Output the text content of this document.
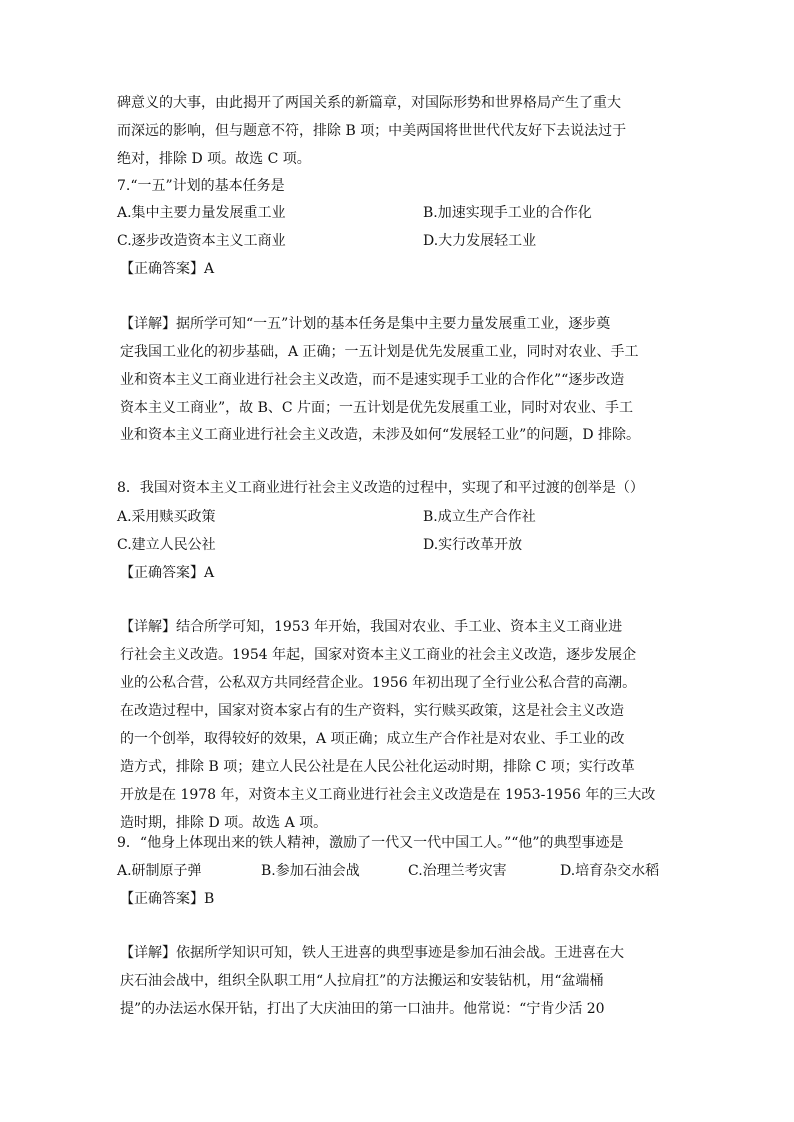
碑意义的大事，由此揭开了两国关系的新篇章，对国际形势和世界格局产生了重大
而深远的影响，但与题意不符，排除 B 项；中美两国将世世代代友好下去说法过于
绝对，排除 D 项。故选 C 项。
7.“一五”计划的基本任务是
A.集中主要力量发展重工业	B.加速实现手工业的合作化
C.逐步改造资本主义工商业	D.大力发展轻工业
【正确答案】A
【详解】据所学可知“一五”计划的基本任务是集中主要力量发展重工业，逐步奠
定我国工业化的初步基础，A 正确；一五计划是优先发展重工业，同时对农业、手工
业和资本主义工商业进行社会主义改造，而不是速实现手工业的合作化”“逐步改造
资本主义工商业”，故 B、C 片面；一五计划是优先发展重工业，同时对农业、手工
业和资本主义工商业进行社会主义改造，未涉及如何“发展轻工业”的问题，D 排除。
8．我国对资本主义工商业进行社会主义改造的过程中，实现了和平过渡的创举是（）
A.采用赎买政策	B.成立生产合作社
C.建立人民公社	D.实行改革开放
【正确答案】A
【详解】结合所学可知，1953 年开始，我国对农业、手工业、资本主义工商业进
行社会主义改造。1954 年起，国家对资本主义工商业的社会主义改造，逐步发展企
业的公私合营，公私双方共同经营企业。1956 年初出现了全行业公私合营的高潮。
在改造过程中，国家对资本家占有的生产资料，实行赎买政策，这是社会主义改造
的一个创举，取得较好的效果，A 项正确；成立生产合作社是对农业、手工业的改
造方式，排除 B 项；建立人民公社是在人民公社化运动时期，排除 C 项；实行改革
开放是在 1978 年，对资本主义工商业进行社会主义改造是在 1953-1956 年的三大改
造时期，排除 D 项。故选 A 项。
9．“他身上体现出来的铁人精神，激励了一代又一代中国工人。”“他”的典型事迹是
A.研制原子弹	B.参加石油会战	C.治理兰考灾害	D.培育杂交水稻
【正确答案】B
【详解】依据所学知识可知，铁人王进喜的典型事迹是参加石油会战。王进喜在大
庆石油会战中，组织全队职工用“人拉肩扛”的方法搬运和安装钻机，用“盆端桶
提”的办法运水保开钻，打出了大庆油田的第一口油井。他常说：“宁肯少活 20
